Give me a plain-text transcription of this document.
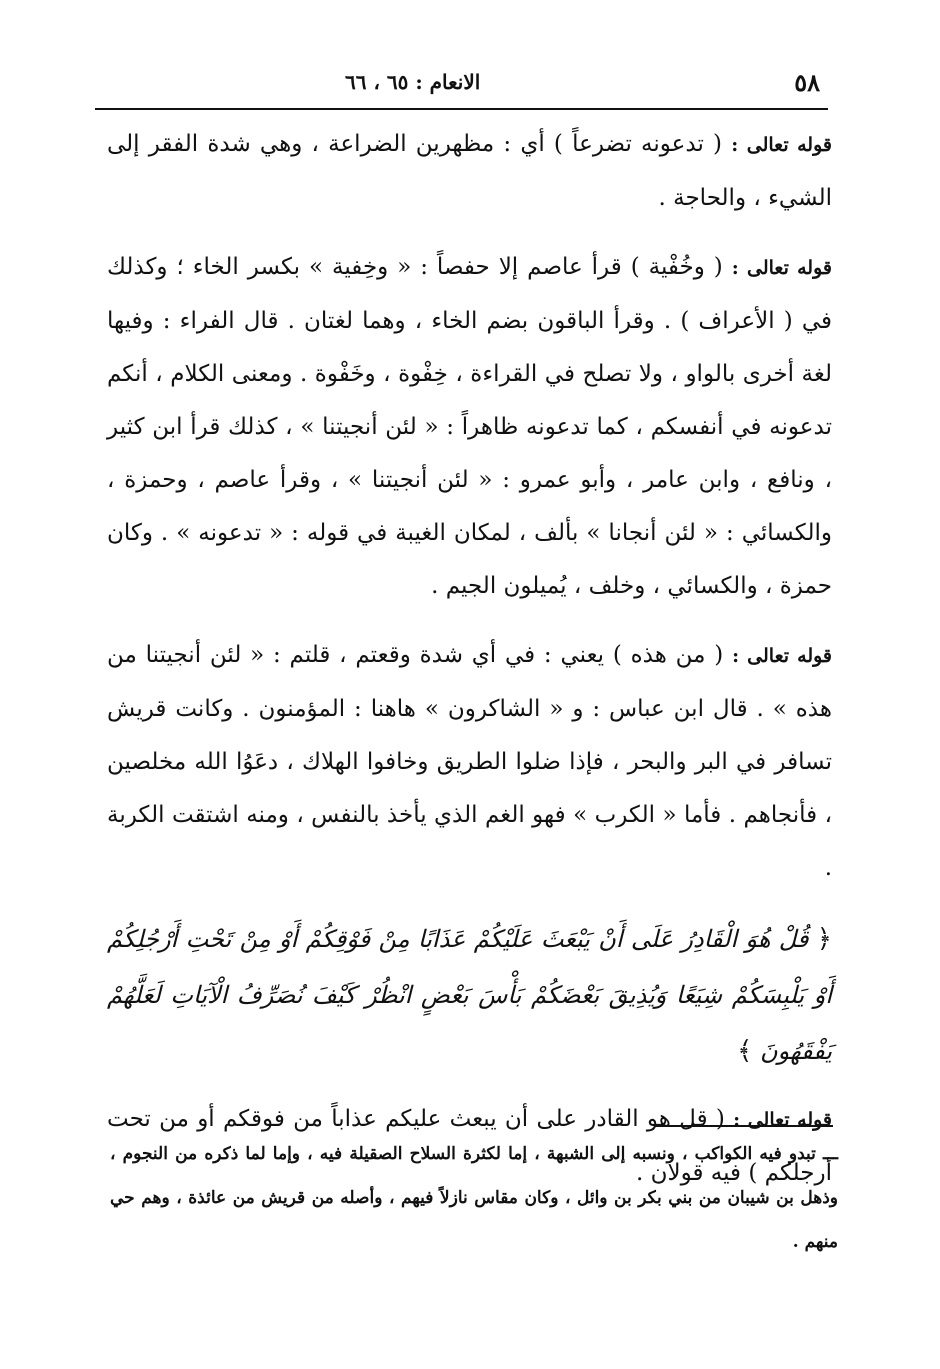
٥٨
الانعام : ٦٥ ، ٦٦

قوله تعالى : ( تدعونه تضرعاً ) أي : مظهرين الضراعة ، وهي شدة الفقر إلى الشيء ، والحاجة .

قوله تعالى : ( وخُفْية ) قرأ عاصم إلا حفصاً : « وخِفية » بكسر الخاء ؛ وكذلك في ( الأعراف ) . وقرأ الباقون بضم الخاء ، وهما لغتان . قال الفراء : وفيها لغة أخرى بالواو ، ولا تصلح في القراءة ، خِفْوة ، وخَفْوة . ومعنى الكلام ، أنكم تدعونه في أنفسكم ، كما تدعونه ظاهراً : « لئن أنجيتنا » ، كذلك قرأ ابن كثير ، ونافع ، وابن عامر ، وأبو عمرو : « لئن أنجيتنا » ، وقرأ عاصم ، وحمزة ، والكسائي : « لئن أنجانا » بألف ، لمكان الغيبة في قوله : « تدعونه » . وكان حمزة ، والكسائي ، وخلف ، يُميلون الجيم .

قوله تعالى : ( من هذه ) يعني : في أي شدة وقعتم ، قلتم : « لئن أنجيتنا من هذه » . قال ابن عباس : و « الشاكرون » هاهنا : المؤمنون . وكانت قريش تسافر في البر والبحر ، فإذا ضلوا الطريق وخافوا الهلاك ، دعَوُا الله مخلصين ، فأنجاهم . فأما « الكرب » فهو الغم الذي يأخذ بالنفس ، ومنه اشتقت الكربة .

﴿ قُلْ هُوَ الْقَادِرُ عَلَى أَنْ يَبْعَثَ عَلَيْكُمْ عَذَابًا مِنْ فَوْقِكُمْ أَوْ مِنْ تَحْتِ أَرْجُلِكُمْ أَوْ يَلْبِسَكُمْ شِيَعًا وَيُذِيقَ بَعْضَكُمْ بَأْسَ بَعْضٍ انْظُرْ كَيْفَ نُصَرِّفُ الْآيَاتِ لَعَلَّهُمْ يَفْقَهُونَ ﴾

قوله تعالى : ( قل هو القادر على أن يبعث عليكم عذاباً من فوقكم أو من تحت أرجلكم ) فيه قولان .

ـــ تبدو فيه الكواكب ، ونسبه إلى الشبهة ، إما لكثرة السلاح الصقيلة فيه ، وإما لما ذكره من النجوم ، وذهل بن شيبان من بني بكر بن وائل ، وكان مقاس نازلاً فيهم ، وأصله من قريش من عائذة ، وهم حي منهم .
